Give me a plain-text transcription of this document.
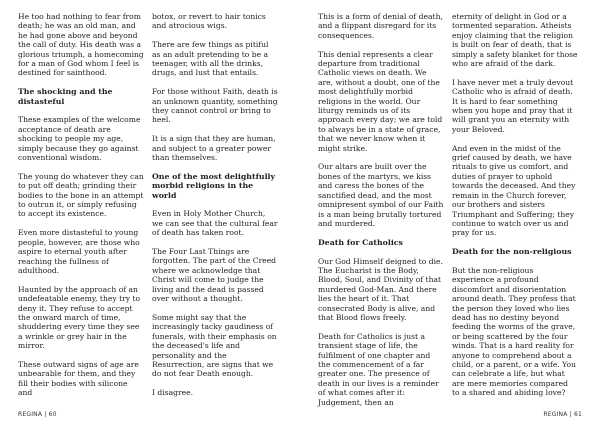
He too had nothing to fear from death; he was an old man, and he had gone above and beyond the call of duty. His death was a glorious triumph, a homecoming for a man of God whom I feel is destined for sainthood.

The shocking and the distasteful

These examples of the welcome acceptance of death are shocking to people my age, simply because they go against conventional wisdom.

The young do whatever they can to put off death; grinding their bodies to the bone in an attempt to outrun it, or simply refusing to accept its existence.

Even more distasteful to young people, however, are those who aspire to eternal youth after reaching the fullness of adulthood.

Haunted by the approach of an undefeatable enemy, they try to deny it. They refuse to accept the onward march of time, shuddering every time they see a wrinkle or grey hair in the mirror.

These outward signs of age are unbearable for them, and they fill their bodies with silicone and

botox, or revert to hair tonics and atrocious wigs.

There are few things as pitiful as an adult pretending to be a teenager, with all the drinks, drugs, and lust that entails.

For those without Faith, death is an unknown quantity, something they cannot control or bring to heel.

It is a sign that they are human, and subject to a greater power than themselves.

One of the most delightfully morbid religions in the world

Even in Holy Mother Church, we can see that the cultural fear of death has taken root.

The Four Last Things are forgotten. The part of the Creed where we acknowledge that Christ will come to judge the living and the dead is passed over without a thought.

Some might say that the increasingly tacky gaudiness of funerals, with their emphasis on the deceased's life and personality and the Resurrection, are signs that we do not fear Death enough.

I disagree.

REGINA | 60

This is a form of denial of death, and a flippant disregard for its consequences.

This denial represents a clear departure from traditional Catholic views on death. We are, without a doubt, one of the most delightfully morbid religions in the world. Our liturgy reminds us of its approach every day; we are told to always be in a state of grace, that we never know when it might strike.

Our altars are built over the bones of the martyrs, we kiss and caress the bones of the sanctified dead, and the most omnipresent symbol of our Faith is a man being brutally tortured and murdered.

Death for Catholics

Our God Himself deigned to die. The Eucharist is the Body, Blood, Soul, and Divinity of that murdered God-Man. And there lies the heart of it. That consecrated Body is alive, and that Blood flows freely.

Death for Catholics is just a transient stage of life, the fulfilment of one chapter and the commencement of a far greater one. The presence of death in our lives is a reminder of what comes after it: Judgement, then an

eternity of delight in God or a tormented separation. Atheists enjoy claiming that the religion is built on fear of death, that is simply a safety blanket for those who are afraid of the dark.

I have never met a truly devout Catholic who is afraid of death. It is hard to fear something when you hope and pray that it will grant you an eternity with your Beloved.

And even in the midst of the grief caused by death, we have rituals to give us comfort, and duties of prayer to uphold towards the deceased. And they remain in the Church forever, our brothers and sisters Triumphant and Suffering; they continue to watch over us and pray for us.

Death for the non-religious

But the non-religious experience a profound discomfort and disorientation around death. They profess that the person they loved who lies dead has no destiny beyond feeding the worms of the grave, or being scattered by the four winds. That is a hard reality for anyone to comprehend about a child, or a parent, or a wife. You can celebrate a life, but what are mere memories compared to a shared and abiding love?

REGINA | 61
